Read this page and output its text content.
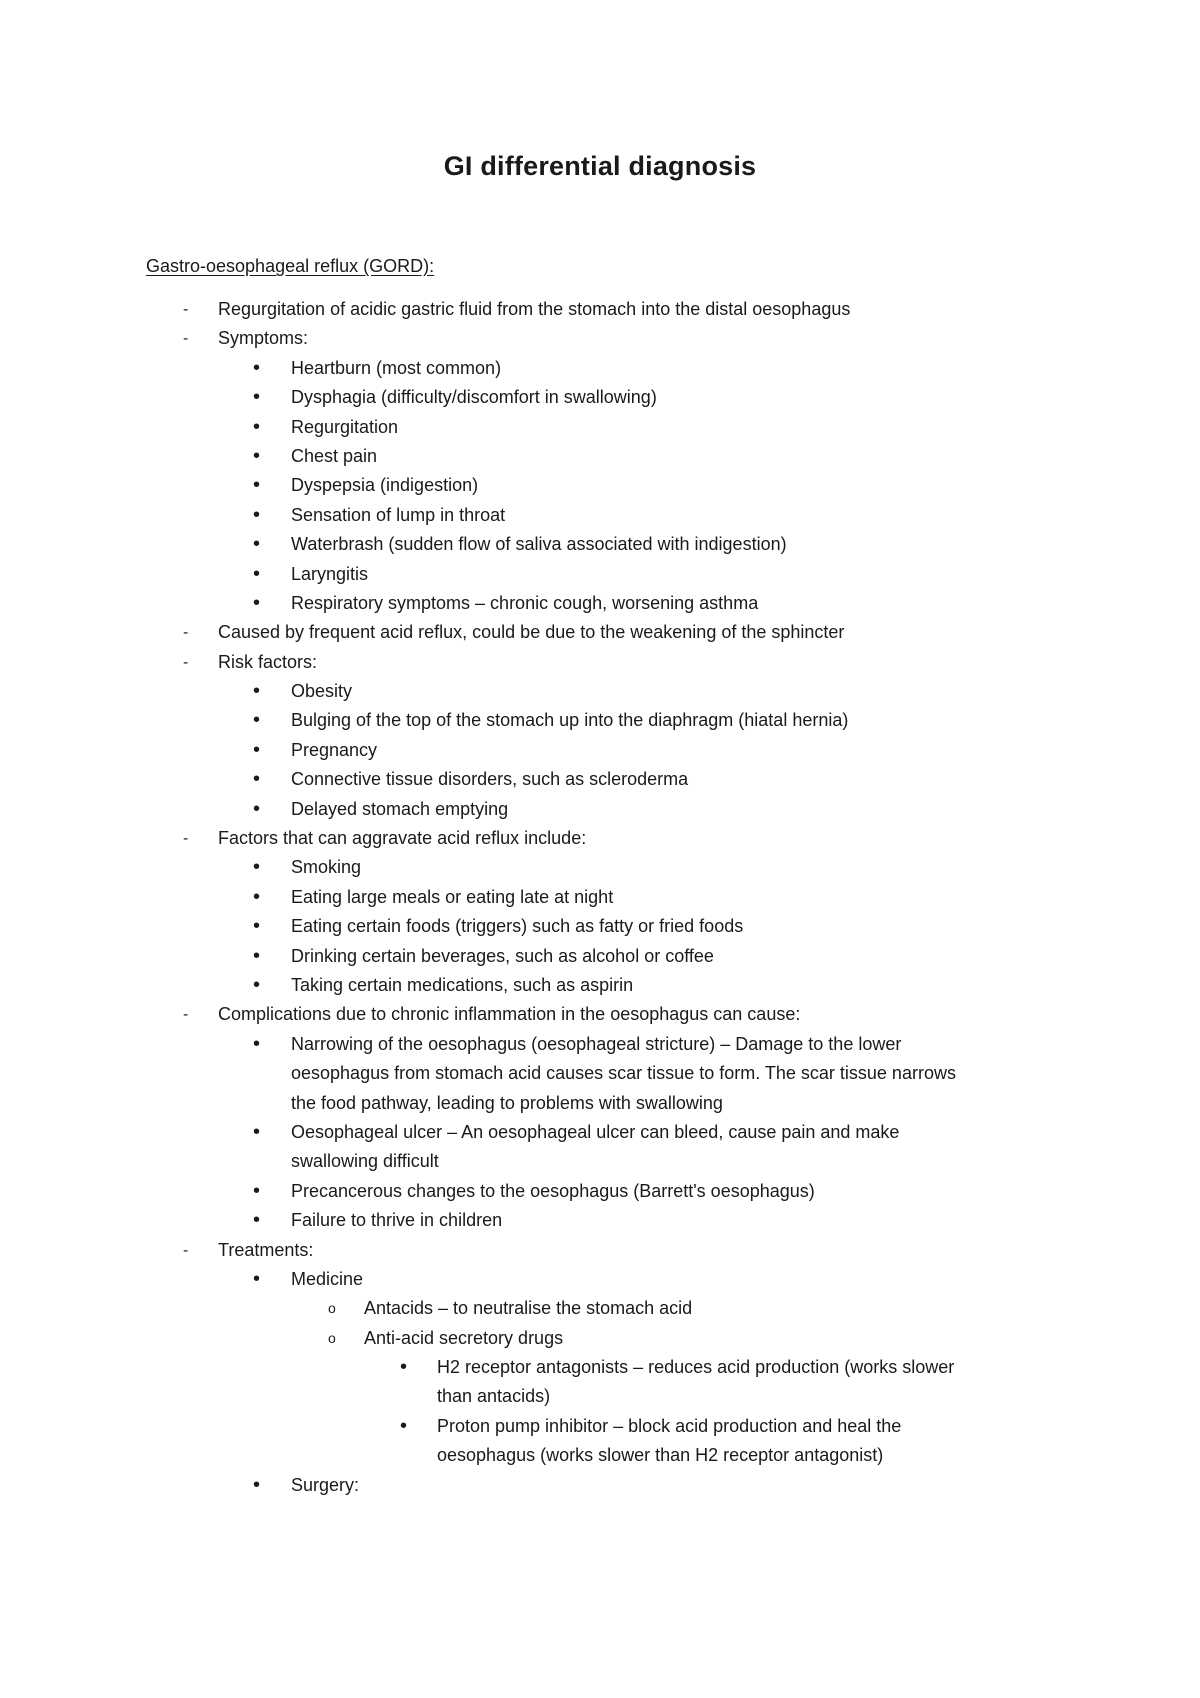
GI differential diagnosis
Gastro-oesophageal reflux (GORD):
- Regurgitation of acidic gastric fluid from the stomach into the distal oesophagus
- Symptoms:
• Heartburn (most common)
• Dysphagia (difficulty/discomfort in swallowing)
• Regurgitation
• Chest pain
• Dyspepsia (indigestion)
• Sensation of lump in throat
• Waterbrash (sudden flow of saliva associated with indigestion)
• Laryngitis
• Respiratory symptoms – chronic cough, worsening asthma
- Caused by frequent acid reflux, could be due to the weakening of the sphincter
- Risk factors:
• Obesity
• Bulging of the top of the stomach up into the diaphragm (hiatal hernia)
• Pregnancy
• Connective tissue disorders, such as scleroderma
• Delayed stomach emptying
- Factors that can aggravate acid reflux include:
• Smoking
• Eating large meals or eating late at night
• Eating certain foods (triggers) such as fatty or fried foods
• Drinking certain beverages, such as alcohol or coffee
• Taking certain medications, such as aspirin
- Complications due to chronic inflammation in the oesophagus can cause:
• Narrowing of the oesophagus (oesophageal stricture) – Damage to the lower
oesophagus from stomach acid causes scar tissue to form. The scar tissue narrows
the food pathway, leading to problems with swallowing
• Oesophageal ulcer – An oesophageal ulcer can bleed, cause pain and make
swallowing difficult
• Precancerous changes to the oesophagus (Barrett's oesophagus)
• Failure to thrive in children
- Treatments:
• Medicine
o Antacids – to neutralise the stomach acid
o Anti-acid secretory drugs
• H2 receptor antagonists – reduces acid production (works slower
than antacids)
• Proton pump inhibitor – block acid production and heal the
oesophagus (works slower than H2 receptor antagonist)
• Surgery:
